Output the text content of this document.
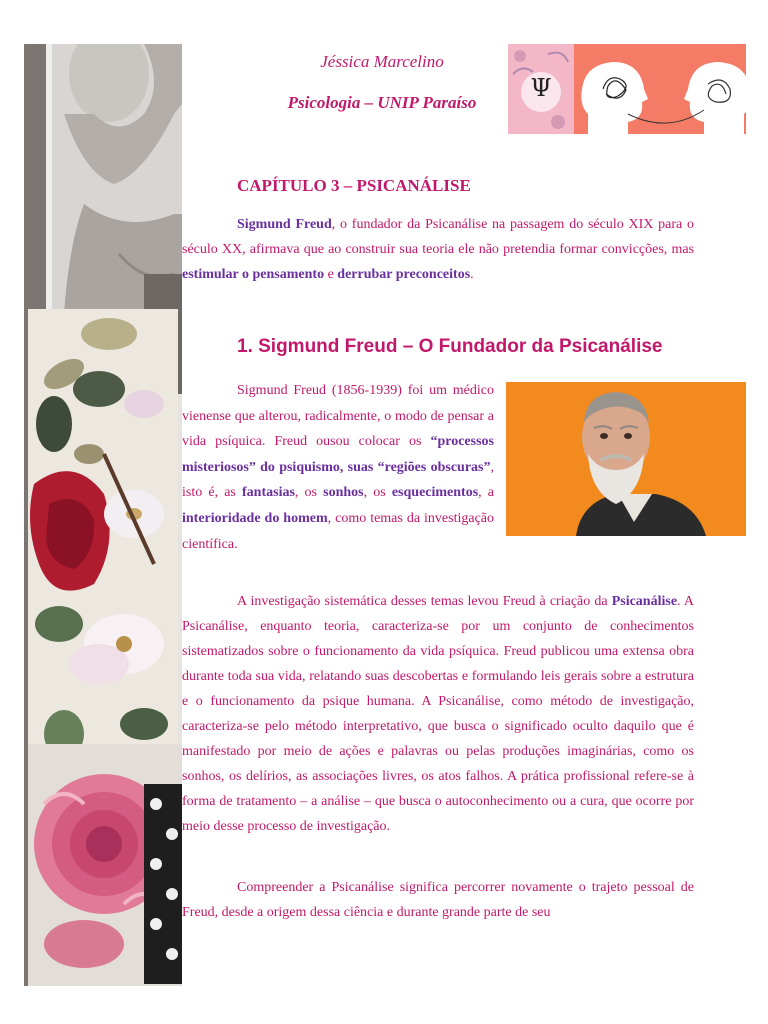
Jéssica Marcelino
Psicologia – UNIP Paraíso
Ψ
CAPÍTULO 3 – PSICANÁLISE

Sigmund Freud, o fundador da Psicanálise na passagem do século XIX para o século XX, afirmava que ao construir sua teoria ele não pretendia formar convicções, mas estimular o pensamento e derrubar preconceitos.

1. Sigmund Freud – O Fundador da Psicanálise

Sigmund Freud (1856-1939) foi um médico vienense que alterou, radicalmente, o modo de pensar a vida psíquica. Freud ousou colocar os “processos misteriosos” do psiquismo, suas “regiões obscuras”, isto é, as fantasias, os sonhos, os esquecimentos, a interioridade do homem, como temas da investigação científica.

A investigação sistemática desses temas levou Freud à criação da Psicanálise. A Psicanálise, enquanto teoria, caracteriza-se por um conjunto de conhecimentos sistematizados sobre o funcionamento da vida psíquica. Freud publicou uma extensa obra durante toda sua vida, relatando suas descobertas e formulando leis gerais sobre a estrutura e o funcionamento da psique humana. A Psicanálise, como método de investigação, caracteriza-se pelo método interpretativo, que busca o significado oculto daquilo que é manifestado por meio de ações e palavras ou pelas produções imaginárias, como os sonhos, os delírios, as associações livres, os atos falhos. A prática profissional refere-se à forma de tratamento – a análise – que busca o autoconhecimento ou a cura, que ocorre por meio desse processo de investigação.

Compreender a Psicanálise significa percorrer novamente o trajeto pessoal de Freud, desde a origem dessa ciência e durante grande parte de seu
